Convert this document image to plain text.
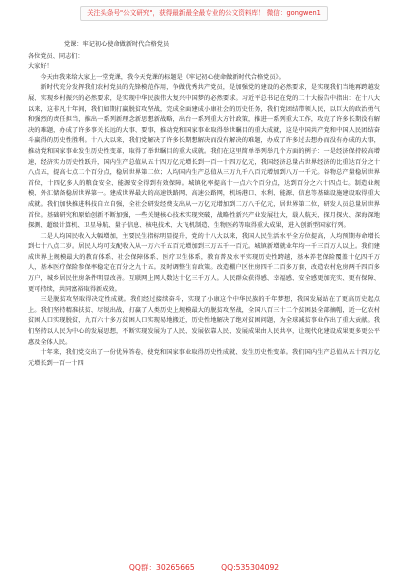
关注头条号"公文研究"，获得最新最全最专业的公文资料库！ 微信：gongwen1

党课：牢记初心使命做新时代合格党员

各位党员、同志们：

大家好！

今天由我来给大家上一堂党课，我今天党课的标题是《牢记初心使命做新时代合格党员》。

新时代充分发挥我们农村党员的先锋模范作用，争做优秀共产党员，是加强党的建设的必然要求，是实现我们当地再跨越发展、实现乡村振兴的必然要求，是实现中华民族伟大复兴中国梦的必然要求。习近平总书记在党的二十大报告中指出：在十八大以来，这非凡十年间，我们如期打赢脱贫攻坚战，完成全面建成小康社会的历史任务，我们党团结带领人民，以巨大的政治勇气和强烈的责任担当，推出一系列新理念新思想新战略，出台一系列重大方针政策，推进一系列重大工作，攻克了许多长期没有解决的难题，办成了许多事关长远的大事、要事，推动党和国家事业取得举世瞩目的重大成就，这是中国共产党和中国人民团结奋斗赢得的历史性胜利。十八大以来，我们党解决了许多长期想解决而没有解决的难题，办成了许多过去想办而没有办成的大事，推动党和国家事业发生历史性变革，取得了举世瞩目的重大成就。我们在这里简单举列举几个方面的例子：一是经济保持较高增速，经济实力历史性跃升，国内生产总值从五十四万亿元增长到一百一十四万亿元，我国经济总量占世界经济的比重达百分之十八点五，提高七点二个百分点，稳居世界第二位；人均国内生产总值从三万九千八百元增加到八万一千元。谷物总产量稳居世界首位，十四亿多人的粮食安全、能源安全得到有效保障。城镇化率提高十一点六个百分点，达到百分之六十四点七。制造业规模、外汇储备稳居世界第一。建成世界最大的高速铁路网、高速公路网，机场港口、水利、能源、信息等基础设施建设取得重大成就。我们加快推进科技自立自强，全社会研发经费支出从一万亿元增加到二万八千亿元，居世界第二位，研发人员总量居世界首位。基础研究和原始创新不断加强，一些关键核心技术实现突破，战略性新兴产业发展壮大，载人航天、探月探火、深海深地探测、超级计算机、卫星导航、量子信息、核电技术、大飞机制造、生物医药等取得重大成果，进入创新型国家行列。

二是人均国民收入大幅增加，主要民生指标明显提升，党的十八大以来，我国人民生活水平全方位提高，人均预期寿命增长到七十八点二岁。居民人均可支配收入从一万六千五百元增加到三万五千一百元。城镇新增就业年均一千三百万人以上。我们建成世界上规模最大的教育体系、社会保障体系、医疗卫生体系，教育普及水平实现历史性跨越，基本养老保险覆盖十亿四千万人，基本医疗保险参保率稳定在百分之九十五。及时调整生育政策。改造棚户区住房四千二百多万套，改造农村危房两千四百多万户，城乡居民住房条件明显改善。互联网上网人数达十亿三千万人。人民群众获得感、幸福感、安全感更加充实、更有保障、更可持续，共同富裕取得新成效。

三是脱贫攻坚取得决定性成就。我们经过接续奋斗，实现了小康这个中华民族的千年梦想，我国发展站在了更高历史起点上。我们坚持精准扶贫、尽锐出战，打赢了人类历史上规模最大的脱贫攻坚战，全国八百三十二个贫困县全部摘帽，近一亿农村贫困人口实现脱贫，九百六十多万贫困人口实现易地搬迁，历史性地解决了绝对贫困问题，为全球减贫事业作出了重大贡献。我们坚持以人民为中心的发展思想，不断实现发展为了人民、发展依靠人民、发展成果由人民共享，让现代化建设成果更多更公平惠及全体人民。

十年来，我们党交出了一份优异答卷，使党和国家事业取得历史性成就、发生历史性变革。我们国内生产总值从五十四万亿元增长到一百一十四

QQ群：30265665	QQ:535304092
